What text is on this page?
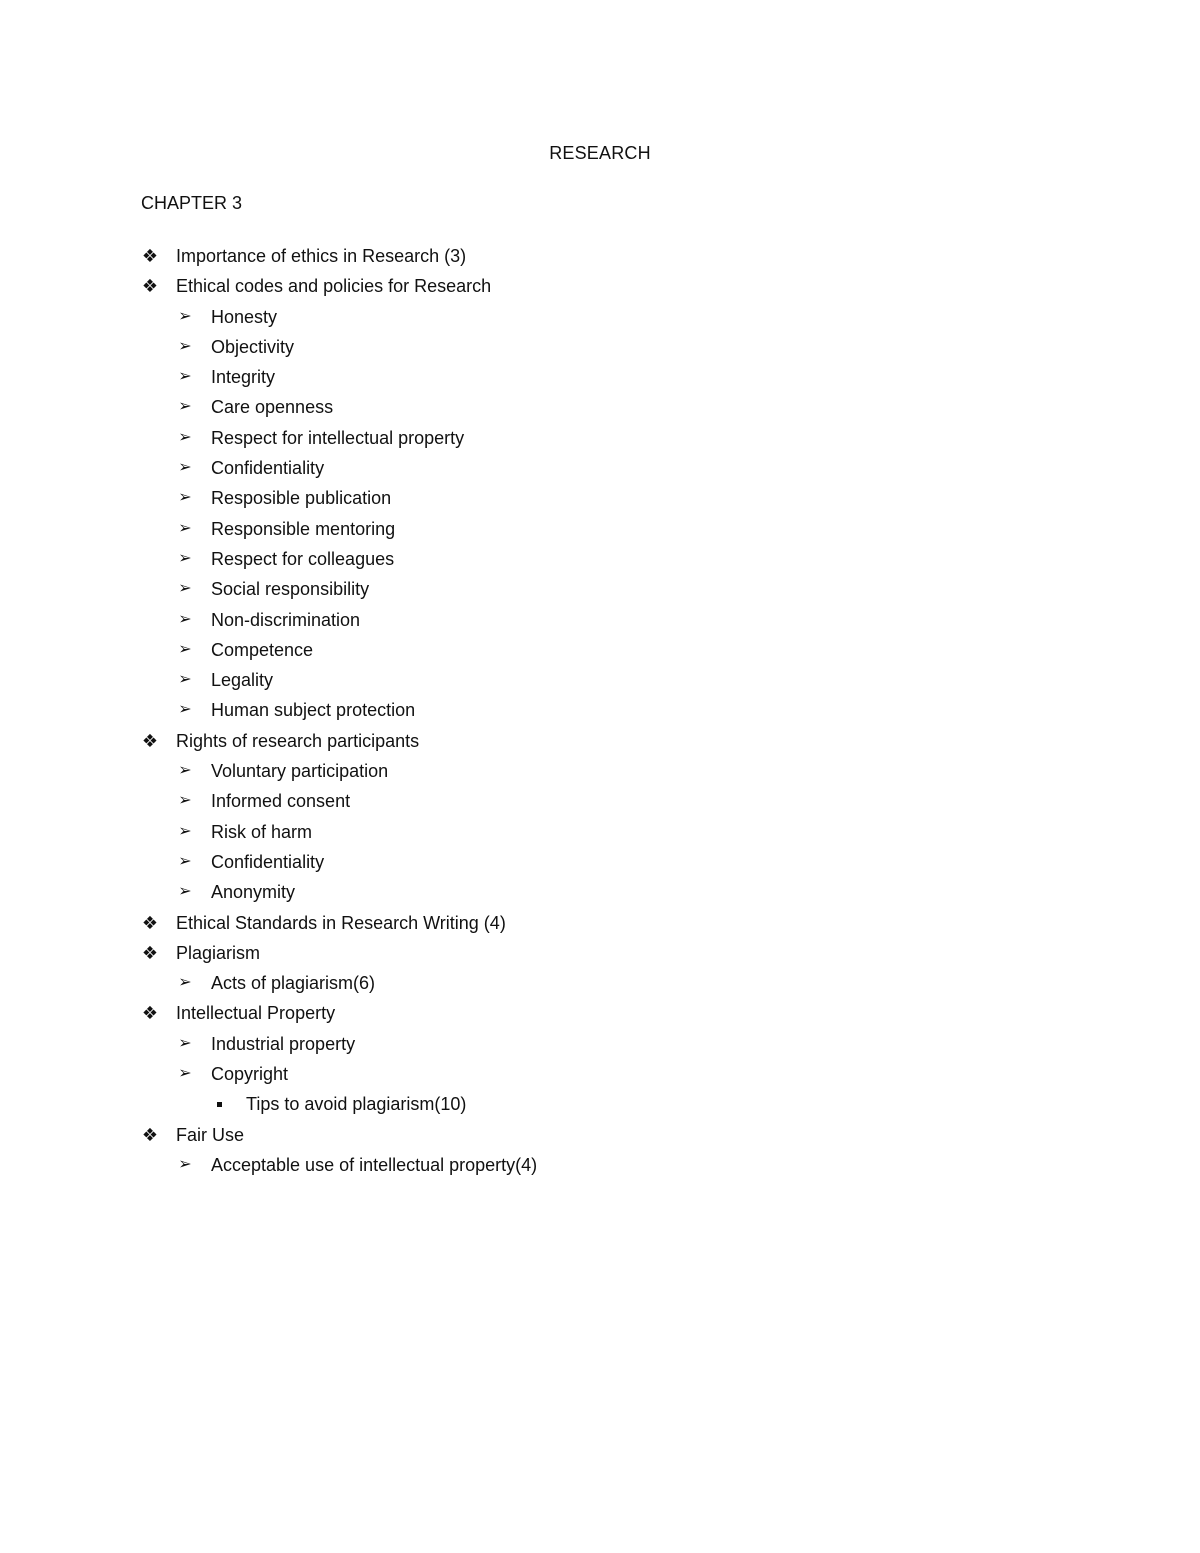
RESEARCH
CHAPTER 3
❖ Importance of ethics in Research (3)
❖ Ethical codes and policies for Research
➢ Honesty
➢ Objectivity
➢ Integrity
➢ Care openness
➢ Respect for intellectual property
➢ Confidentiality
➢ Resposible publication
➢ Responsible mentoring
➢ Respect for colleagues
➢ Social responsibility
➢ Non-discrimination
➢ Competence
➢ Legality
➢ Human subject protection
❖ Rights of research participants
➢ Voluntary participation
➢ Informed consent
➢ Risk of harm
➢ Confidentiality
➢ Anonymity
❖ Ethical Standards in Research Writing (4)
❖ Plagiarism
➢ Acts of plagiarism(6)
❖ Intellectual Property
➢ Industrial property
➢ Copyright
Tips to avoid plagiarism(10)
❖ Fair Use
➢ Acceptable use of intellectual property(4)
